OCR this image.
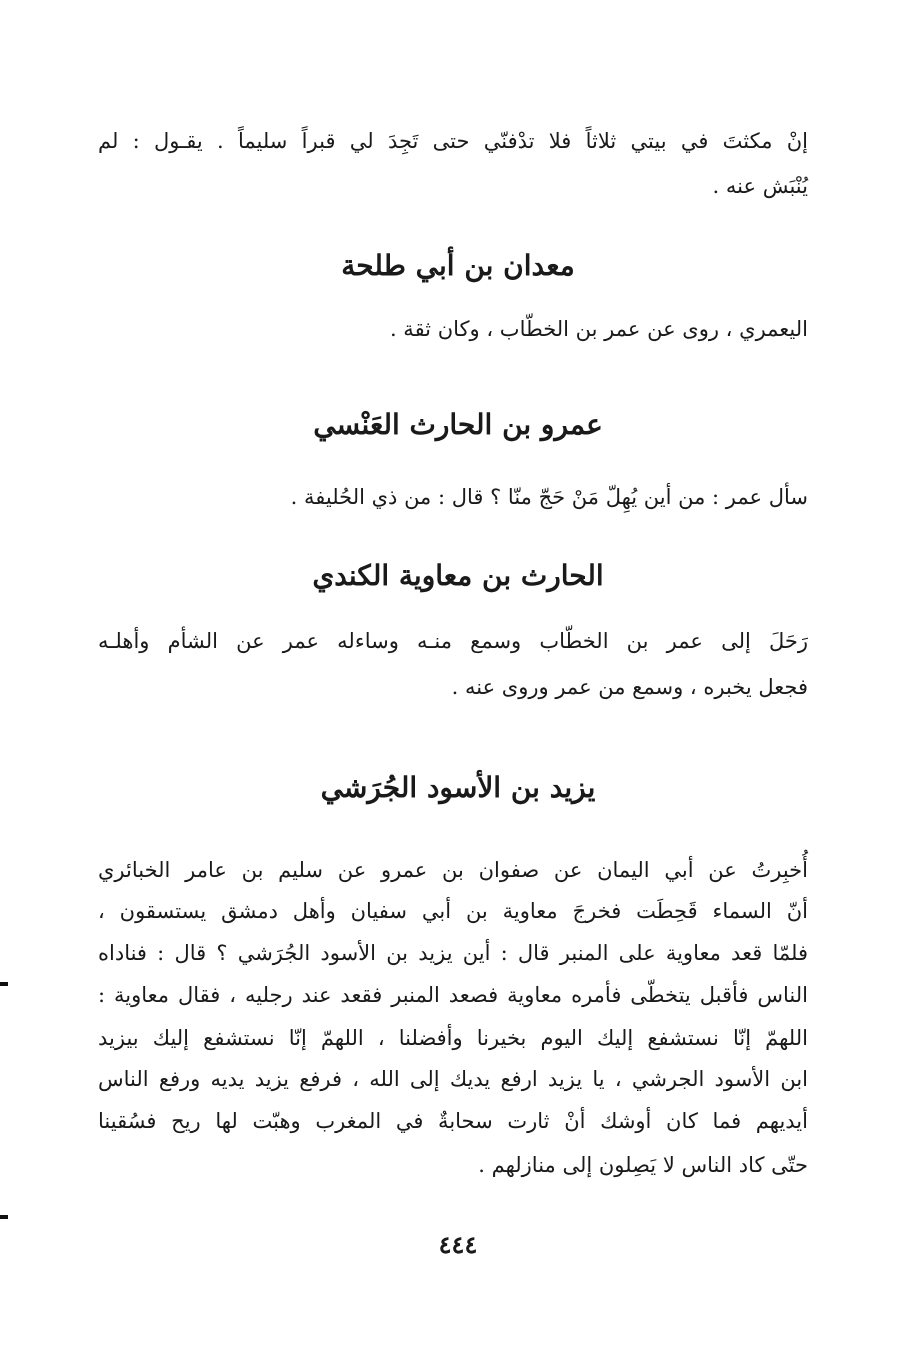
إنْ مكثتَ في بيتي ثلاثاً فلا تدْفنّي حتى تَجِدَ لي قبراً سليماً . يقـول : لم
يُنْبَش عنه .
معدان بن أبي طلحة
اليعمري ، روى عن عمر بن الخطّاب ، وكان ثقة .
عمرو بن الحارث العَنْسي
سأل عمر : من أين يُهِلّ مَنْ حَجّ منّا ؟ قال : من ذي الحُليفة .
الحارث بن معاوية الكندي
رَحَلَ إلى عمر بن الخطّاب وسمع منـه وساءله عمر عن الشأم وأهلـه
فجعل يخبره ، وسمع من عمر وروى عنه .
يزيد بن الأسود الجُرَشي
أُخبِرتُ عن أبي اليمان عن صفوان بن عمرو عن سليم بن عامر الخبائري
أنّ السماء قَحِطَت فخرجَ معاوية بن أبي سفيان وأهل دمشق يستسقون ،
فلمّا قعد معاوية على المنبر قال : أين يزيد بن الأسود الجُرَشي ؟ قال : فناداه
الناس فأقبل يتخطّى فأمره معاوية فصعد المنبر فقعد عند رجليه ، فقال معاوية :
اللهمّ إنّا نستشفع إليك اليوم بخيرنا وأفضلنا ، اللهمّ إنّا نستشفع إليك بيزيد
ابن الأسود الجرشي ، يا يزيد ارفع يديك إلى الله ، فرفع يزيد يديه ورفع الناس
أيديهم فما كان أوشك أنْ ثارت سحابةٌ في المغرب وهبّت لها ريح فسُقينا
حتّى كاد الناس لا يَصِلون إلى منازلهم .
٤٤٤
